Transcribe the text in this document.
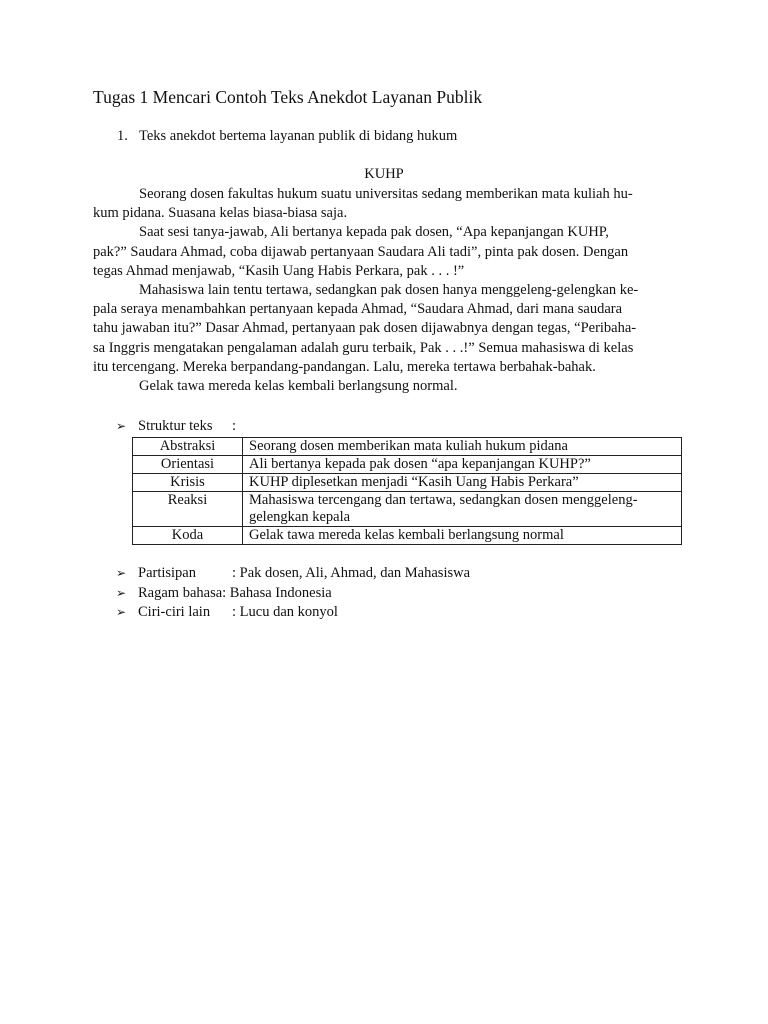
Tugas 1 Mencari Contoh Teks Anekdot Layanan Publik
1. Teks anekdot bertema layanan publik di bidang hukum
KUHP
Seorang dosen fakultas hukum suatu universitas sedang memberikan mata kuliah hu-
kum pidana. Suasana kelas biasa-biasa saja.
Saat sesi tanya-jawab, Ali bertanya kepada pak dosen, “Apa kepanjangan KUHP,
pak?” Saudara Ahmad, coba dijawab pertanyaan Saudara Ali tadi”, pinta pak dosen. Dengan
tegas Ahmad menjawab, “Kasih Uang Habis Perkara, pak . . . !”
Mahasiswa lain tentu tertawa, sedangkan pak dosen hanya menggeleng-gelengkan ke-
pala seraya menambahkan pertanyaan kepada Ahmad, “Saudara Ahmad, dari mana saudara
tahu jawaban itu?” Dasar Ahmad, pertanyaan pak dosen dijawabnya dengan tegas, “Peribaha-
sa Inggris mengatakan pengalaman adalah guru terbaik, Pak . . .!” Semua mahasiswa di kelas
itu tercengang. Mereka berpandang-pandangan. Lalu, mereka tertawa berbahak-bahak.
Gelak tawa mereda kelas kembali berlangsung normal.
➢ Struktur teks :
Abstraksi	Seorang dosen memberikan mata kuliah hukum pidana
Orientasi	Ali bertanya kepada pak dosen “apa kepanjangan KUHP?”
Krisis	KUHP diplesetkan menjadi “Kasih Uang Habis Perkara”
Reaksi	Mahasiswa tercengang dan tertawa, sedangkan dosen menggeleng-
gelengkan kepala

Koda	Gelak tawa mereda kelas kembali berlangsung normal
➢ Partisipan : Pak dosen, Ali, Ahmad, dan Mahasiswa
➢ Ragam bahasa: Bahasa Indonesia
➢ Ciri-ciri lain : Lucu dan konyol
